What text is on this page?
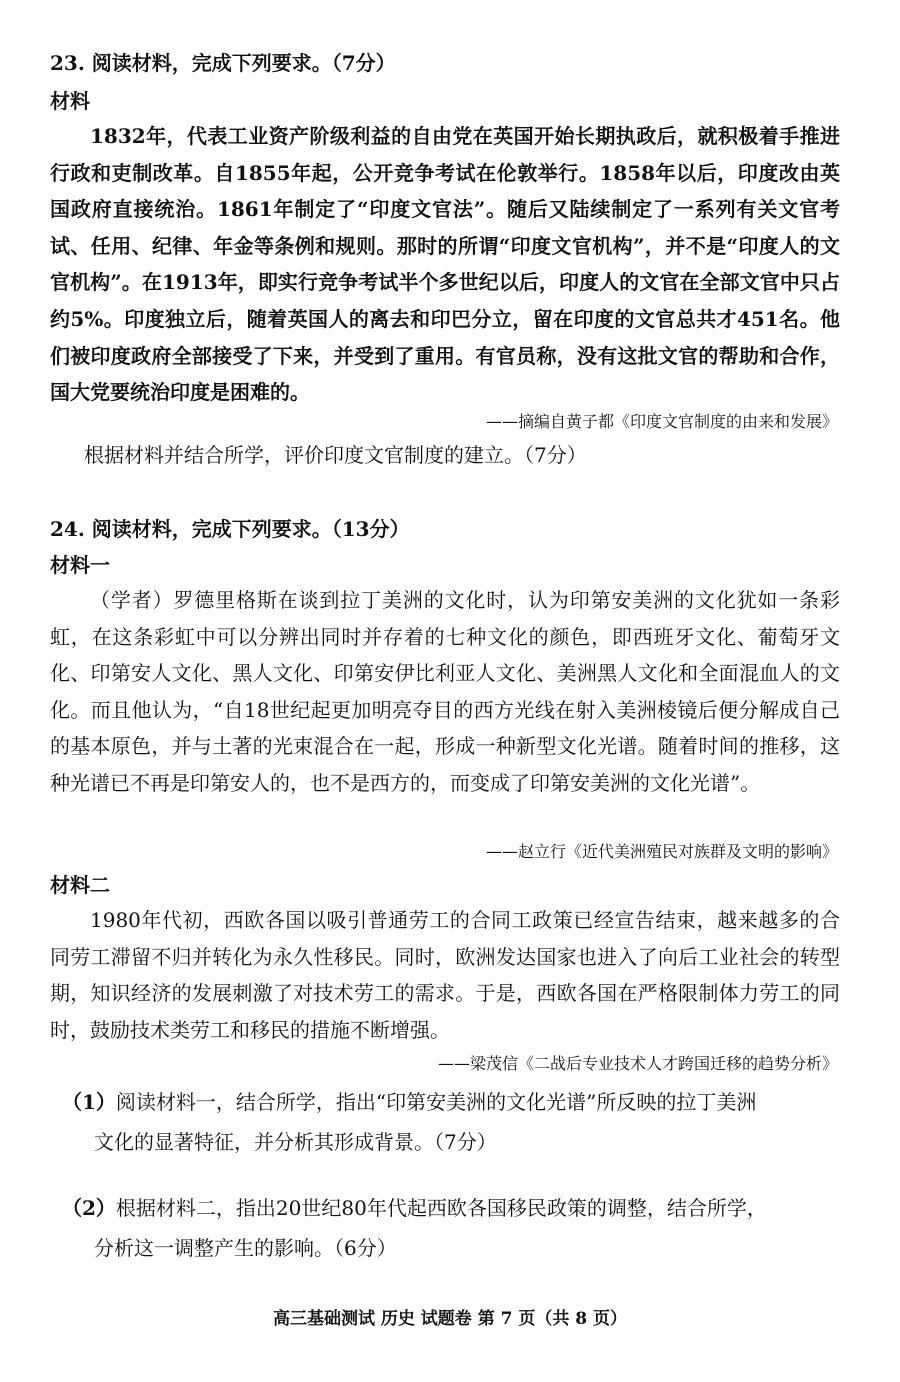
23. 阅读材料，完成下列要求。（7分）
材料

1832年，代表工业资产阶级利益的自由党在英国开始长期执政后，就积极着手推进行政和吏制改革。自1855年起，公开竞争考试在伦敦举行。1858年以后，印度改由英国政府直接统治。1861年制定了“印度文官法”。随后又陆续制定了一系列有关文官考试、任用、纪律、年金等条例和规则。那时的所谓“印度文官机构”，并不是“印度人的文官机构”。在1913年，即实行竞争考试半个多世纪以后，印度人的文官在全部文官中只占约5%。印度独立后，随着英国人的离去和印巴分立，留在印度的文官总共才451名。他们被印度政府全部接受了下来，并受到了重用。有官员称，没有这批文官的帮助和合作，国大党要统治印度是困难的。

——摘编自黄子都《印度文官制度的由来和发展》
根据材料并结合所学，评价印度文官制度的建立。（7分）
24. 阅读材料，完成下列要求。（13分）
材料一

（学者）罗德里格斯在谈到拉丁美洲的文化时，认为印第安美洲的文化犹如一条彩虹，在这条彩虹中可以分辨出同时并存着的七种文化的颜色，即西班牙文化、葡萄牙文化、印第安人文化、黑人文化、印第安伊比利亚人文化、美洲黑人文化和全面混血人的文化。而且他认为，“自18世纪起更加明亮夺目的西方光线在射入美洲棱镜后便分解成自己的基本原色，并与土著的光束混合在一起，形成一种新型文化光谱。随着时间的推移，这种光谱已不再是印第安人的，也不是西方的，而变成了印第安美洲的文化光谱”。

——赵立行《近代美洲殖民对族群及文明的影响》
材料二

1980年代初，西欧各国以吸引普通劳工的合同工政策已经宣告结束，越来越多的合同劳工滞留不归并转化为永久性移民。同时，欧洲发达国家也进入了向后工业社会的转型期，知识经济的发展刺激了对技术劳工的需求。于是，西欧各国在严格限制体力劳工的同时，鼓励技术类劳工和移民的措施不断增强。

——梁茂信《二战后专业技术人才跨国迁移的趋势分析》
（1）阅读材料一，结合所学，指出“印第安美洲的文化光谱”所反映的拉丁美洲
文化的显著特征，并分析其形成背景。（7分）
（2）根据材料二，指出20世纪80年代起西欧各国移民政策的调整，结合所学，
分析这一调整产生的影响。（6分）
高三基础测试 历史 试题卷 第 7 页（共 8 页）
